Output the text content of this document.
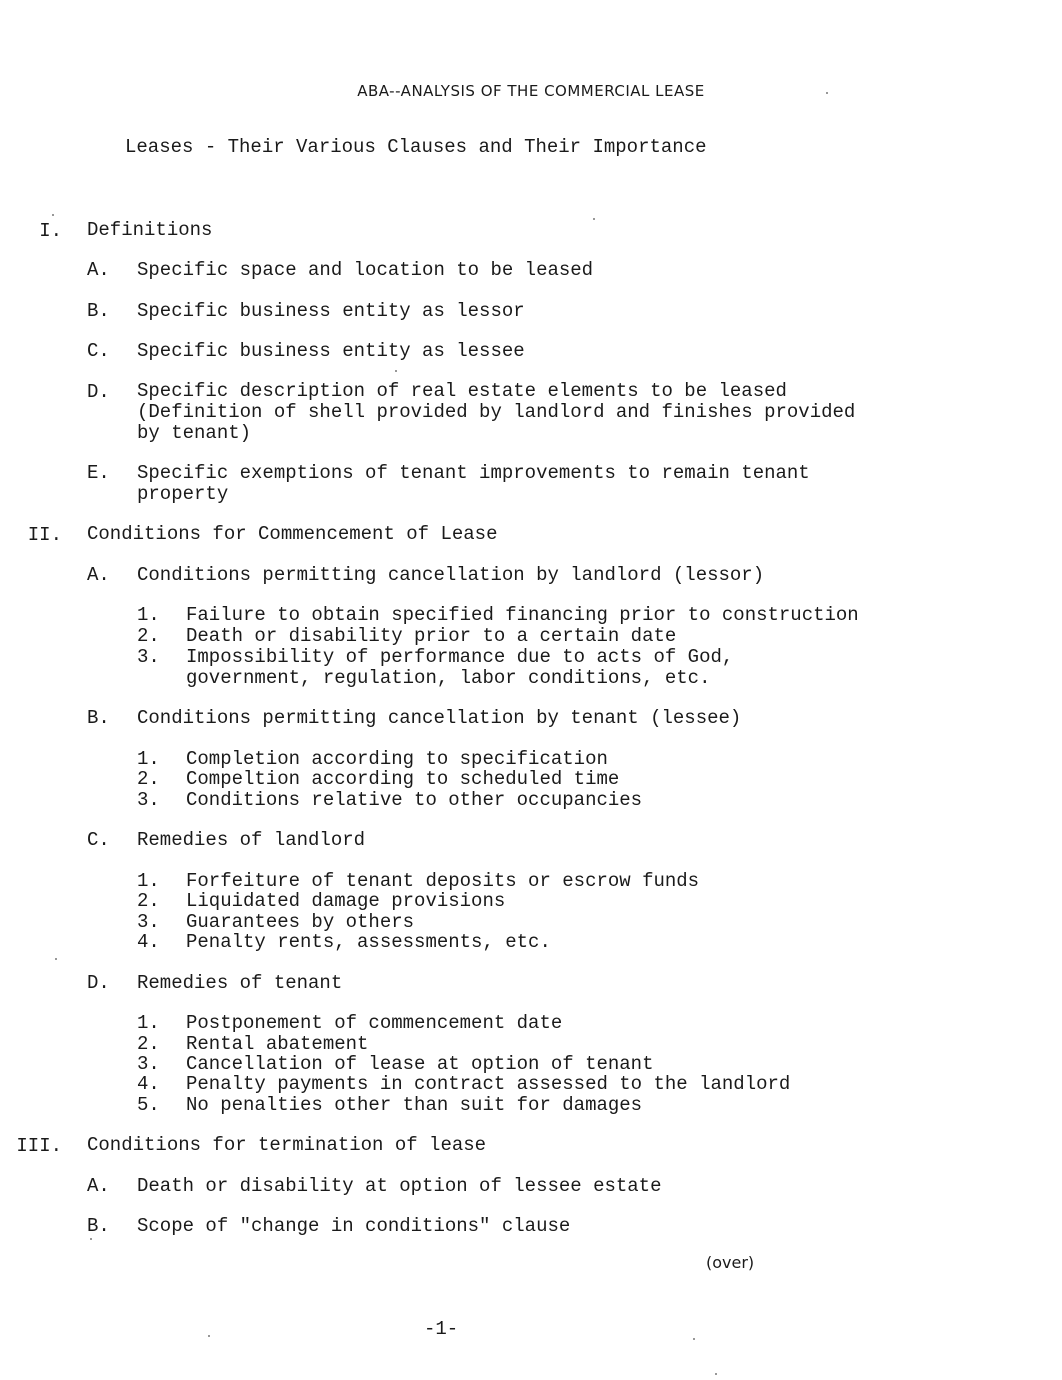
ABA--ANALYSIS OF THE COMMERCIAL LEASE
Leases - Their Various Clauses and Their Importance
I. Definitions
A. Specific space and location to be leased
B. Specific business entity as lessor
C. Specific business entity as lessee
D. Specific description of real estate elements to be leased
(Definition of shell provided by landlord and finishes provided
by tenant)
E. Specific exemptions of tenant improvements to remain tenant
property
II. Conditions for Commencement of Lease
A. Conditions permitting cancellation by landlord (lessor)
1. Failure to obtain specified financing prior to construction
2. Death or disability prior to a certain date
3. Impossibility of performance due to acts of God,
government, regulation, labor conditions, etc.
B. Conditions permitting cancellation by tenant (lessee)
1. Completion according to specification
2. Compeltion according to scheduled time
3. Conditions relative to other occupancies
C. Remedies of landlord
1. Forfeiture of tenant deposits or escrow funds
2. Liquidated damage provisions
3. Guarantees by others
4. Penalty rents, assessments, etc.
D. Remedies of tenant
1. Postponement of commencement date
2. Rental abatement
3. Cancellation of lease at option of tenant
4. Penalty payments in contract assessed to the landlord
5. No penalties other than suit for damages
III. Conditions for termination of lease
A. Death or disability at option of lessee estate
B. Scope of "change in conditions" clause
(over)
-1-
